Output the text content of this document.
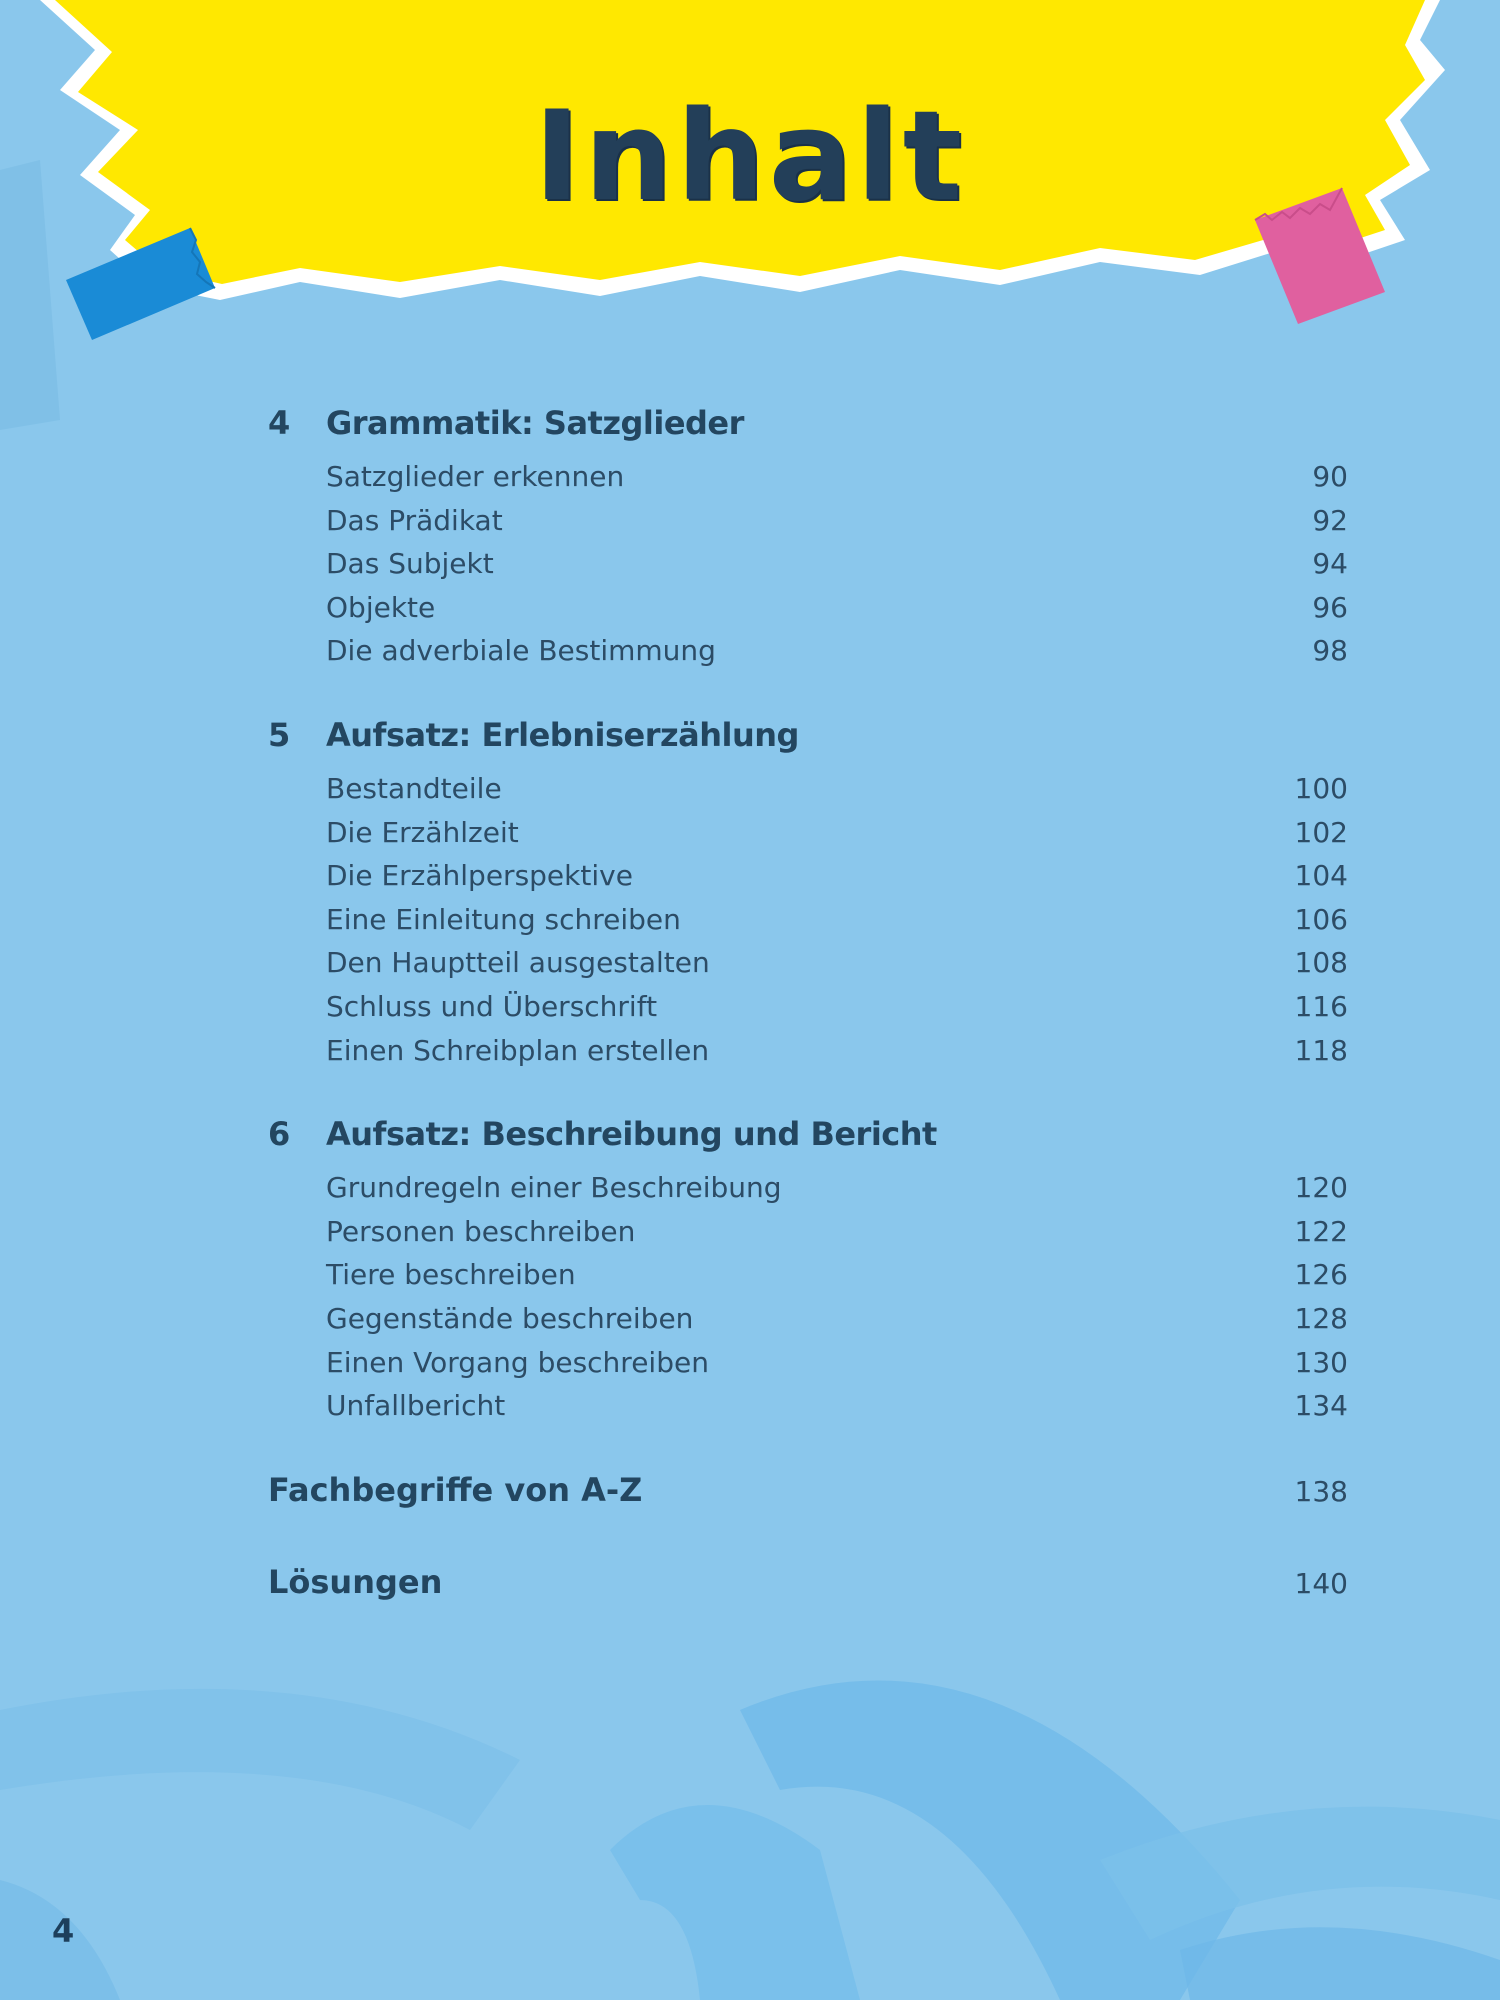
Inhalt
4	Grammatik: Satzglieder
Satzglieder erkennen	90
Das Prädikat	92
Das Subjekt	94
Objekte	96
Die adverbiale Bestimmung	98
5	Aufsatz: Erlebniserzählung
Bestandteile	100
Die Erzählzeit	102
Die Erzählperspektive	104
Eine Einleitung schreiben	106
Den Hauptteil ausgestalten	108
Schluss und Überschrift	116
Einen Schreibplan erstellen	118
6	Aufsatz: Beschreibung und Bericht
Grundregeln einer Beschreibung	120
Personen beschreiben	122
Tiere beschreiben	126
Gegenstände beschreiben	128
Einen Vorgang beschreiben	130
Unfallbericht	134
Fachbegriffe von A-Z	138
Lösungen	140
4
